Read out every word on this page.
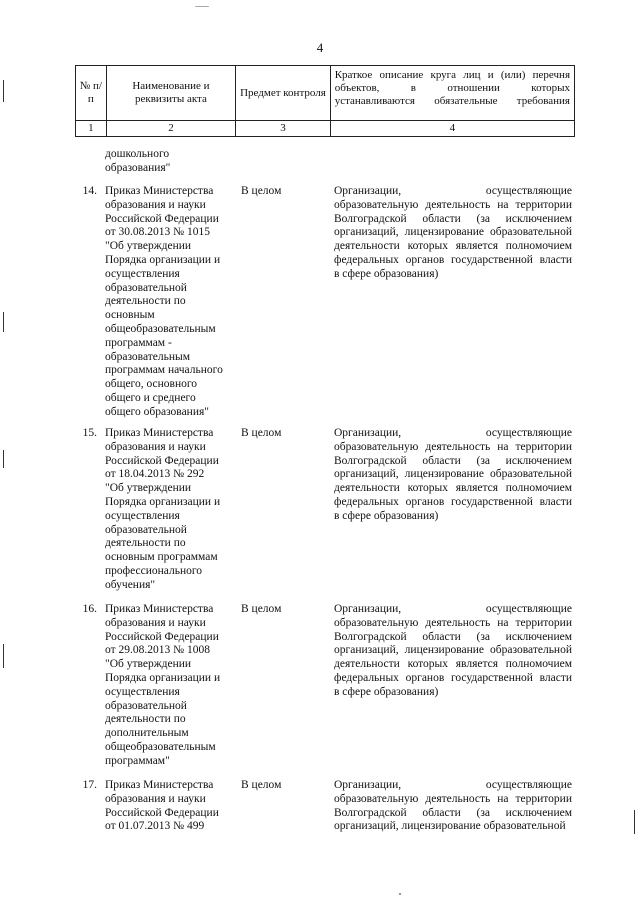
4
№ п/п	Наименование и реквизиты акта	Предмет контроля	Краткое описание круга лиц и (или) перечня
объектов, в отношении которых
устанавливаются обязательные требования

1	2	3	4
дошкольного
образования"
14. Приказ Министерства
образования и науки
Российской Федерации
от 30.08.2013 № 1015
"Об утверждении
Порядка организации и
осуществления
образовательной
деятельности по
основным
общеобразовательным
программам -
образовательным
программам начального
общего, основного
общего и среднего
общего образования"
В целом	Организации, осуществляющие
образовательную деятельность на территории
Волгоградской области (за исключением
организаций, лицензирование образовательной
деятельности которых является полномочием
федеральных органов государственной власти
в сфере образования)
15. Приказ Министерства
образования и науки
Российской Федерации
от 18.04.2013 № 292
"Об утверждении
Порядка организации и
осуществления
образовательной
деятельности по
основным программам
профессионального
обучения"
В целом	Организации, осуществляющие
образовательную деятельность на территории
Волгоградской области (за исключением
организаций, лицензирование образовательной
деятельности которых является полномочием
федеральных органов государственной власти
в сфере образования)
16. Приказ Министерства
образования и науки
Российской Федерации
от 29.08.2013 № 1008
"Об утверждении
Порядка организации и
осуществления
образовательной
деятельности по
дополнительным
общеобразовательным
программам"
В целом	Организации, осуществляющие
образовательную деятельность на территории
Волгоградской области (за исключением
организаций, лицензирование образовательной
деятельности которых является полномочием
федеральных органов государственной власти
в сфере образования)
17. Приказ Министерства
образования и науки
Российской Федерации
от 01.07.2013 № 499
В целом	Организации, осуществляющие
образовательную деятельность на территории
Волгоградской области (за исключением
организаций, лицензирование образовательной
